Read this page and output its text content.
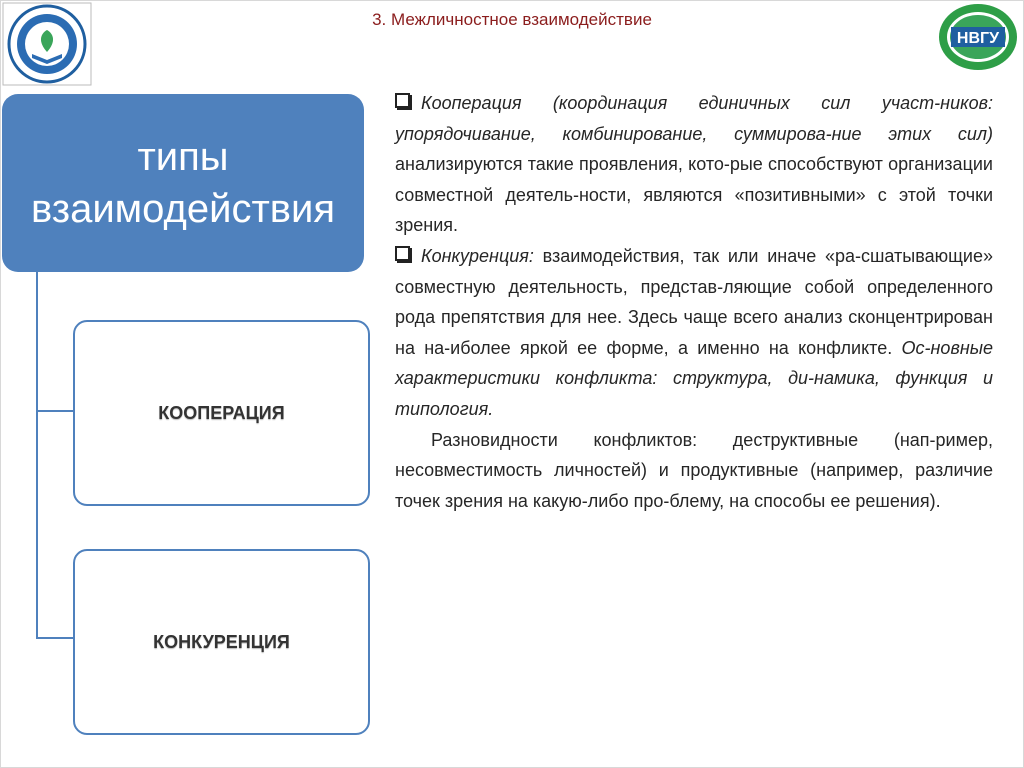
3. Межличностное взаимодействие
НВГУ
типы
взаимодействия
КООПЕРАЦИЯ
КОНКУРЕНЦИЯ

Кооперация (координация единичных сил участ-ников: упорядочивание, комбинирование, суммирова-ние этих сил) анализируются такие проявления, кото-рые способствуют организации совместной деятель-ности, являются «позитивными» с этой точки зрения.

Конкуренция: взаимодействия, так или иначе «ра-сшатывающие» совместную деятельность, представ-ляющие собой определенного рода препятствия для нее. Здесь чаще всего анализ сконцентрирован на на-иболее яркой ее форме, а именно на конфликте. Ос-новные характеристики конфликта: структура, ди-намика, функция и типология.

Разновидности конфликтов: деструктивные (нап-ример, несовместимость личностей) и продуктивные (например, различие точек зрения на какую-либо про-блему, на способы ее решения).
